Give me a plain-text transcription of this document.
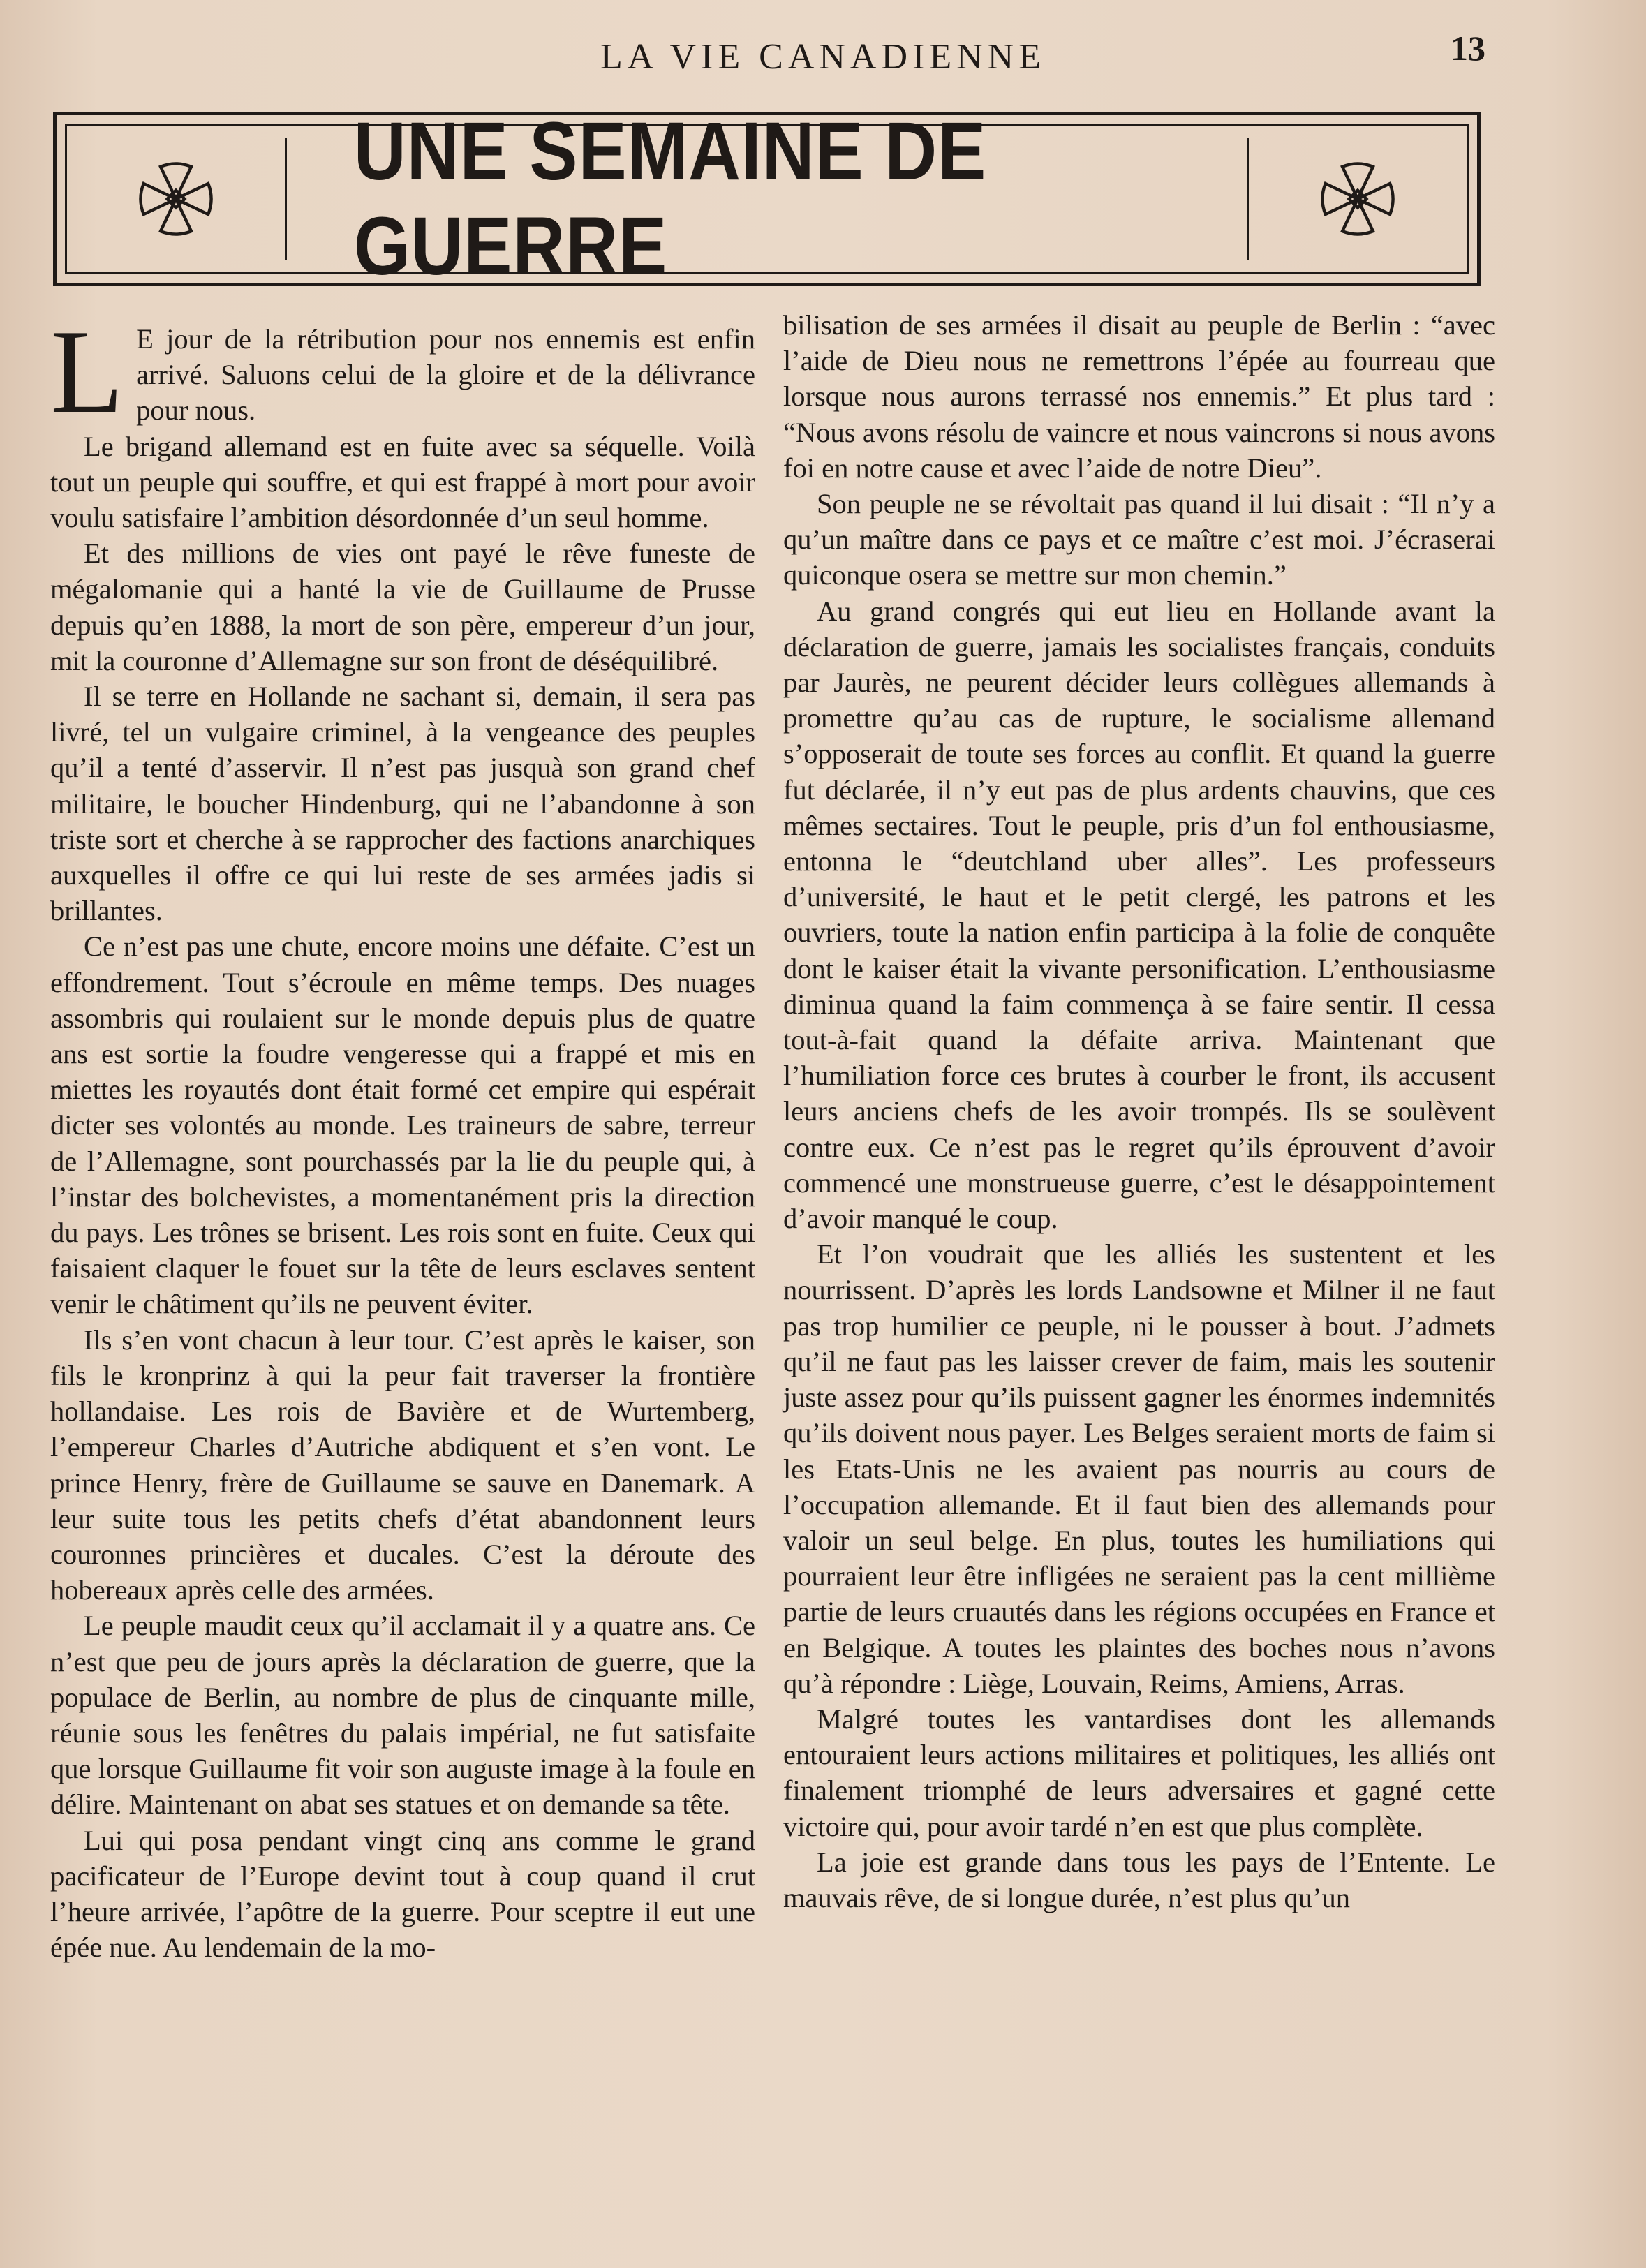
LA VIE CANADIENNE	13
UNE SEMAINE DE GUERRE

L E jour de la rétribution pour nos ennemis est enfin arrivé. Saluons celui de la gloire et de la délivrance pour nous.

Le brigand allemand est en fuite avec sa séquelle. Voilà tout un peuple qui souffre, et qui est frappé à mort pour avoir voulu satisfaire l’ambition désordonnée d’un seul homme.

Et des millions de vies ont payé le rêve funeste de mégalomanie qui a hanté la vie de Guillaume de Prusse depuis qu’en 1888, la mort de son père, empereur d’un jour, mit la couronne d’Allemagne sur son front de déséquilibré.

Il se terre en Hollande ne sachant si, demain, il sera pas livré, tel un vulgaire criminel, à la vengeance des peuples qu’il a tenté d’asservir. Il n’est pas jusquà son grand chef militaire, le boucher Hindenburg, qui ne l’abandonne à son triste sort et cherche à se rapprocher des factions anarchiques auxquelles il offre ce qui lui reste de ses armées jadis si brillantes.

Ce n’est pas une chute, encore moins une défaite. C’est un effondrement. Tout s’écroule en même temps. Des nuages assombris qui roulaient sur le monde depuis plus de quatre ans est sortie la foudre vengeresse qui a frappé et mis en miettes les royautés dont était formé cet empire qui espérait dicter ses volontés au monde. Les traineurs de sabre, terreur de l’Allemagne, sont pourchassés par la lie du peuple qui, à l’instar des bolchevistes, a momentanément pris la direction du pays. Les trônes se brisent. Les rois sont en fuite. Ceux qui faisaient claquer le fouet sur la tête de leurs esclaves sentent venir le châtiment qu’ils ne peuvent éviter.

Ils s’en vont chacun à leur tour. C’est après le kaiser, son fils le kronprinz à qui la peur fait traverser la frontière hollandaise. Les rois de Bavière et de Wurtemberg, l’empereur Charles d’Autriche abdiquent et s’en vont. Le prince Henry, frère de Guillaume se sauve en Danemark. A leur suite tous les petits chefs d’état abandonnent leurs couronnes princières et ducales. C’est la déroute des hobereaux après celle des armées.

Le peuple maudit ceux qu’il acclamait il y a quatre ans. Ce n’est que peu de jours après la déclaration de guerre, que la populace de Berlin, au nombre de plus de cinquante mille, réunie sous les fenêtres du palais impérial, ne fut satisfaite que lorsque Guillaume fit voir son auguste image à la foule en délire. Maintenant on abat ses statues et on demande sa tête.

Lui qui posa pendant vingt cinq ans comme le grand pacificateur de l’Europe devint tout à coup quand il crut l’heure arrivée, l’apôtre de la guerre. Pour sceptre il eut une épée nue. Au lendemain de la mo-

bilisation de ses armées il disait au peuple de Berlin : “avec l’aide de Dieu nous ne remettrons l’épée au fourreau que lorsque nous aurons terrassé nos ennemis.” Et plus tard : “Nous avons résolu de vaincre et nous vaincrons si nous avons foi en notre cause et avec l’aide de notre Dieu”.

Son peuple ne se révoltait pas quand il lui disait : “Il n’y a qu’un maître dans ce pays et ce maître c’est moi. J’écraserai quiconque osera se mettre sur mon chemin.”

Au grand congrés qui eut lieu en Hollande avant la déclaration de guerre, jamais les socialistes français, conduits par Jaurès, ne peurent décider leurs collègues allemands à promettre qu’au cas de rupture, le socialisme allemand s’opposerait de toute ses forces au conflit. Et quand la guerre fut déclarée, il n’y eut pas de plus ardents chauvins, que ces mêmes sectaires. Tout le peuple, pris d’un fol enthousiasme, entonna le “deutchland uber alles”. Les professeurs d’université, le haut et le petit clergé, les patrons et les ouvriers, toute la nation enfin participa à la folie de conquête dont le kaiser était la vivante personification. L’enthousiasme diminua quand la faim commença à se faire sentir. Il cessa tout-à-fait quand la défaite arriva. Maintenant que l’humiliation force ces brutes à courber le front, ils accusent leurs anciens chefs de les avoir trompés. Ils se soulèvent contre eux. Ce n’est pas le regret qu’ils éprouvent d’avoir commencé une monstrueuse guerre, c’est le désappointement d’avoir manqué le coup.

Et l’on voudrait que les alliés les sustentent et les nourrissent. D’après les lords Landsowne et Milner il ne faut pas trop humilier ce peuple, ni le pousser à bout. J’admets qu’il ne faut pas les laisser crever de faim, mais les soutenir juste assez pour qu’ils puissent gagner les énormes indemnités qu’ils doivent nous payer. Les Belges seraient morts de faim si les Etats-Unis ne les avaient pas nourris au cours de l’occupation allemande. Et il faut bien des allemands pour valoir un seul belge. En plus, toutes les humiliations qui pourraient leur être infligées ne seraient pas la cent millième partie de leurs cruautés dans les régions occupées en France et en Belgique. A toutes les plaintes des boches nous n’avons qu’à répondre : Liège, Louvain, Reims, Amiens, Arras.

Malgré toutes les vantardises dont les allemands entouraient leurs actions militaires et politiques, les alliés ont finalement triomphé de leurs adversaires et gagné cette victoire qui, pour avoir tardé n’en est que plus complète.

La joie est grande dans tous les pays de l’Entente. Le mauvais rêve, de si longue durée, n’est plus qu’un
